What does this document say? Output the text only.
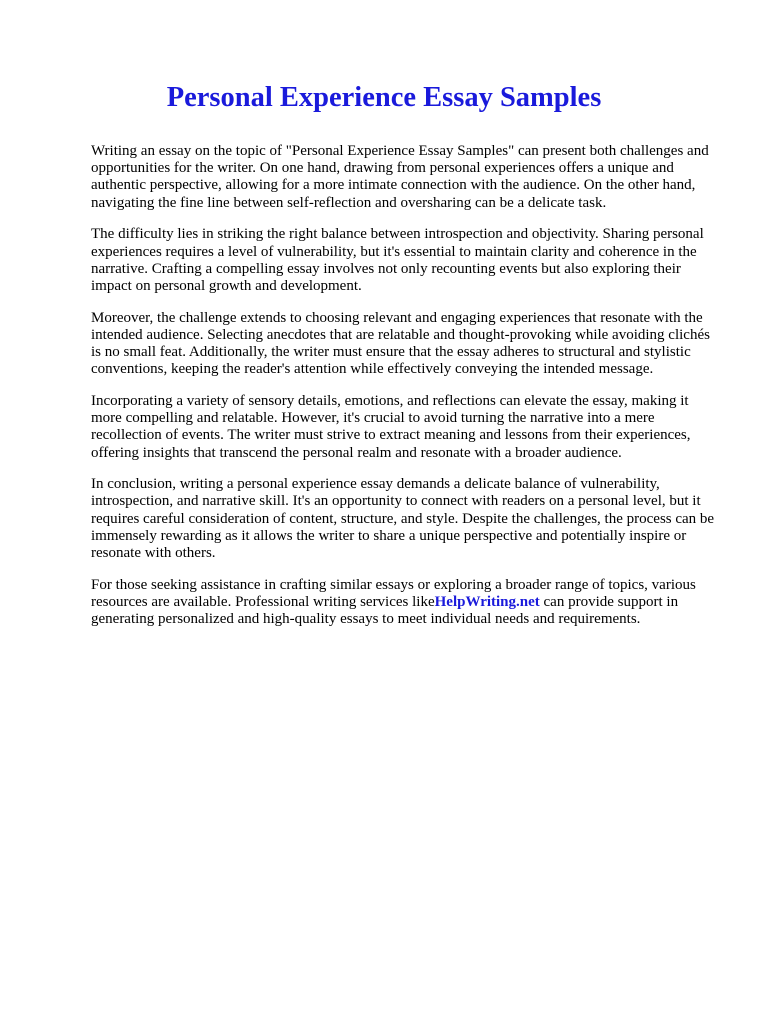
Personal Experience Essay Samples

Writing an essay on the topic of "Personal Experience Essay Samples" can present both challenges and opportunities for the writer. On one hand, drawing from personal experiences offers a unique and authentic perspective, allowing for a more intimate connection with the audience. On the other hand, navigating the fine line between self-reflection and oversharing can be a delicate task.

The difficulty lies in striking the right balance between introspection and objectivity. Sharing personal experiences requires a level of vulnerability, but it's essential to maintain clarity and coherence in the narrative. Crafting a compelling essay involves not only recounting events but also exploring their impact on personal growth and development.

Moreover, the challenge extends to choosing relevant and engaging experiences that resonate with the intended audience. Selecting anecdotes that are relatable and thought-provoking while avoiding clichés is no small feat. Additionally, the writer must ensure that the essay adheres to structural and stylistic conventions, keeping the reader's attention while effectively conveying the intended message.

Incorporating a variety of sensory details, emotions, and reflections can elevate the essay, making it more compelling and relatable. However, it's crucial to avoid turning the narrative into a mere recollection of events. The writer must strive to extract meaning and lessons from their experiences, offering insights that transcend the personal realm and resonate with a broader audience.

In conclusion, writing a personal experience essay demands a delicate balance of vulnerability, introspection, and narrative skill. It's an opportunity to connect with readers on a personal level, but it requires careful consideration of content, structure, and style. Despite the challenges, the process can be immensely rewarding as it allows the writer to share a unique perspective and potentially inspire or resonate with others.

For those seeking assistance in crafting similar essays or exploring a broader range of topics, various resources are available. Professional writing services likeHelpWriting.net can provide support in generating personalized and high-quality essays to meet individual needs and requirements.
